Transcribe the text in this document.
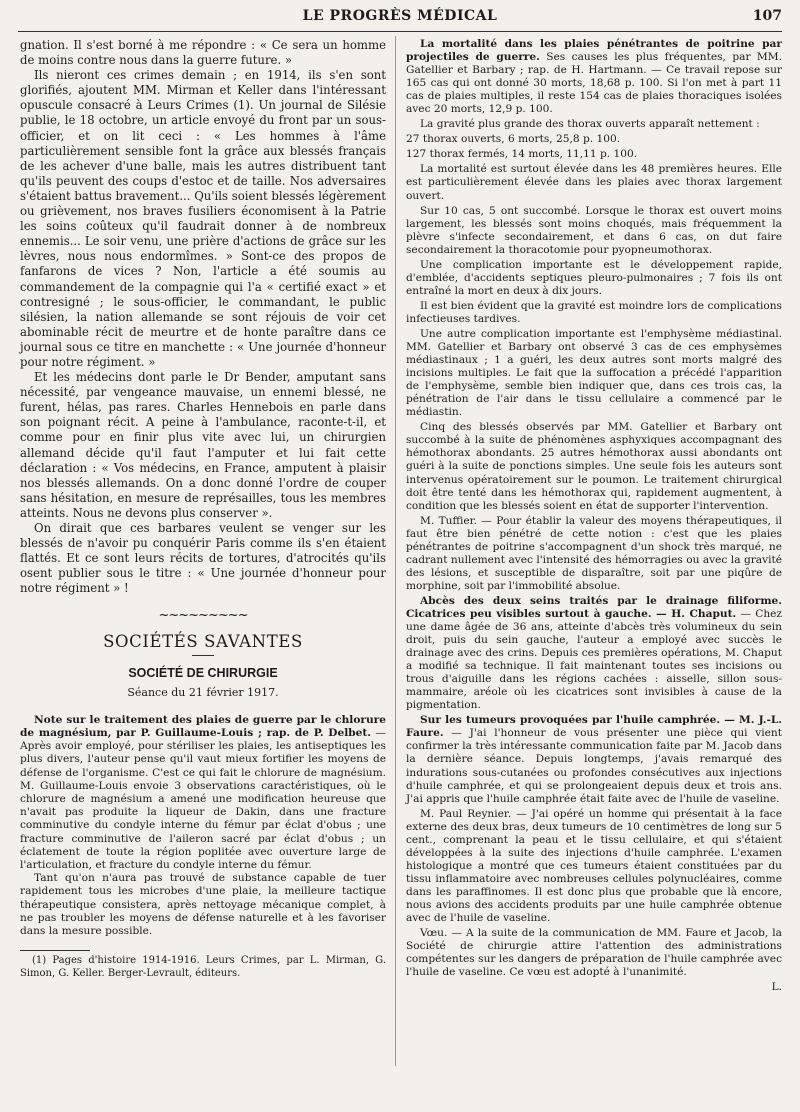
LE PROGRÈS MÉDICAL	107

gnation. Il s'est borné à me répondre : « Ce sera un homme de moins contre nous dans la guerre future. »

Ils nieront ces crimes demain ; en 1914, ils s'en sont glorifiés, ajoutent MM. Mirman et Keller dans l'intéressant opuscule consacré à Leurs Crimes (1). Un journal de Silésie publie, le 18 octobre, un article envoyé du front par un sous-officier, et on lit ceci : « Les hommes à l'âme particulièrement sensible font la grâce aux blessés français de les achever d'une balle, mais les autres distribuent tant qu'ils peuvent des coups d'estoc et de taille. Nos adversaires s'étaient battus bravement... Qu'ils soient blessés légèrement ou grièvement, nos braves fusiliers économisent à la Patrie les soins coûteux qu'il faudrait donner à de nombreux ennemis... Le soir venu, une prière d'actions de grâce sur les lèvres, nous nous endormîmes. » Sont-ce des propos de fanfarons de vices ? Non, l'article a été soumis au commandement de la compagnie qui l'a « certifié exact » et contresigné ; le sous-officier, le commandant, le public silésien, la nation allemande se sont réjouis de voir cet abominable récit de meurtre et de honte paraître dans ce journal sous ce titre en manchette : « Une journée d'honneur pour notre régiment. »

Et les médecins dont parle le Dr Bender, amputant sans nécessité, par vengeance mauvaise, un ennemi blessé, ne furent, hélas, pas rares. Charles Hennebois en parle dans son poignant récit. A peine à l'ambulance, raconte-t-il, et comme pour en finir plus vite avec lui, un chirurgien allemand décide qu'il faut l'amputer et lui fait cette déclaration : « Vos médecins, en France, amputent à plaisir nos blessés allemands. On a donc donné l'ordre de couper sans hésitation, en mesure de représailles, tous les membres atteints. Nous ne devons plus conserver ».

On dirait que ces barbares veulent se venger sur les blessés de n'avoir pu conquérir Paris comme ils s'en étaient flattés. Et ce sont leurs récits de tortures, d'atrocités qu'ils osent publier sous le titre : « Une journée d'honneur pour notre régiment » !

~~~~~~~~~
SOCIÉTÉS SAVANTES
SOCIÉTÉ DE CHIRURGIE
Séance du 21 février 1917.

Note sur le traitement des plaies de guerre par le chlorure de magnésium, par P. Guillaume-Louis ; rap. de P. Delbet. — Après avoir employé, pour stériliser les plaies, les antiseptiques les plus divers, l'auteur pense qu'il vaut mieux fortifier les moyens de défense de l'organisme. C'est ce qui fait le chlorure de magnésium. M. Guillaume-Louis envoie 3 observations caractéristiques, où le chlorure de magnésium a amené une modification heureuse que n'avait pas produite la liqueur de Dakin, dans une fracture comminutive du condyle interne du fémur par éclat d'obus ; une fracture comminutive de l'aileron sacré par éclat d'obus ; un éclatement de toute la région poplitée avec ouverture large de l'articulation, et fracture du condyle interne du fémur.

Tant qu'on n'aura pas trouvé de substance capable de tuer rapidement tous les microbes d'une plaie, la meilleure tactique thérapeutique consistera, après nettoyage mécanique complet, à ne pas troubler les moyens de défense naturelle et à les favoriser dans la mesure possible.

(1) Pages d'histoire 1914-1916. Leurs Crimes, par L. Mirman, G. Simon, G. Keller. Berger-Levrault, éditeurs.

La mortalité dans les plaies pénétrantes de poitrine par projectiles de guerre. Ses causes les plus fréquentes, par MM. Gatellier et Barbary ; rap. de H. Hartmann. — Ce travail repose sur 165 cas qui ont donné 30 morts, 18,68 p. 100. Si l'on met à part 11 cas de plaies multiples, il reste 154 cas de plaies thoraciques isolées avec 20 morts, 12,9 p. 100.

La gravité plus grande des thorax ouverts apparaît nettement :

27 thorax ouverts, 6 morts, 25,8 p. 100.

127 thorax fermés, 14 morts, 11,11 p. 100.

La mortalité est surtout élevée dans les 48 premières heures. Elle est particulièrement élevée dans les plaies avec thorax largement ouvert.

Sur 10 cas, 5 ont succombé. Lorsque le thorax est ouvert moins largement, les blessés sont moins choqués, mais fréquemment la plèvre s'infecte secondairement, et dans 6 cas, on dut faire secondairement la thoracotomie pour pyopneumothorax.

Une complication importante est le développement rapide, d'emblée, d'accidents septiques pleuro-pulmonaires ; 7 fois ils ont entraîné la mort en deux à dix jours.

Il est bien évident que la gravité est moindre lors de complications infectieuses tardives.

Une autre complication importante est l'emphysème médiastinal. MM. Gatellier et Barbary ont observé 3 cas de ces emphysèmes médiastinaux ; 1 a guéri, les deux autres sont morts malgré des incisions multiples. Le fait que la suffocation a précédé l'apparition de l'emphysème, semble bien indiquer que, dans ces trois cas, la pénétration de l'air dans le tissu cellulaire a commencé par le médiastin.

Cinq des blessés observés par MM. Gatellier et Barbary ont succombé à la suite de phénomènes asphyxiques accompagnant des hémothorax abondants. 25 autres hémothorax aussi abondants ont guéri à la suite de ponctions simples. Une seule fois les auteurs sont intervenus opératoirement sur le poumon. Le traitement chirurgical doit être tenté dans les hémothorax qui, rapidement augmentent, à condition que les blessés soient en état de supporter l'intervention.

M. Tuffier. — Pour établir la valeur des moyens thérapeutiques, il faut être bien pénétré de cette notion : c'est que les plaies pénétrantes de poitrine s'accompagnent d'un shock très marqué, ne cadrant nullement avec l'intensité des hémorragies ou avec la gravité des lésions, et susceptible de disparaître, soit par une piqûre de morphine, soit par l'immobilité absolue.

Abcès des deux seins traités par le drainage filiforme. Cicatrices peu visibles surtout à gauche. — H. Chaput. — Chez une dame âgée de 36 ans, atteinte d'abcès très volumineux du sein droit, puis du sein gauche, l'auteur a employé avec succès le drainage avec des crins. Depuis ces premières opérations, M. Chaput a modifié sa technique. Il fait maintenant toutes ses incisions ou trous d'aiguille dans les régions cachées : aisselle, sillon sous-mammaire, aréole où les cicatrices sont invisibles à cause de la pigmentation.

Sur les tumeurs provoquées par l'huile camphrée. — M. J.-L. Faure. — J'ai l'honneur de vous présenter une pièce qui vient confirmer la très intéressante communication faite par M. Jacob dans la dernière séance. Depuis longtemps, j'avais remarqué des indurations sous-cutanées ou profondes consécutives aux injections d'huile camphrée, et qui se prolongeaient depuis deux et trois ans. J'ai appris que l'huile camphrée était faite avec de l'huile de vaseline.

M. Paul Reynier. — J'ai opéré un homme qui présentait à la face externe des deux bras, deux tumeurs de 10 centimètres de long sur 5 cent., comprenant la peau et le tissu cellulaire, et qui s'étaient développées à la suite des injections d'huile camphrée. L'examen histologique a montré que ces tumeurs étaient constituées par du tissu inflammatoire avec nombreuses cellules polynucléaires, comme dans les paraffinomes. Il est donc plus que probable que là encore, nous avions des accidents produits par une huile camphrée obtenue avec de l'huile de vaseline.

Vœu. — A la suite de la communication de MM. Faure et Jacob, la Société de chirurgie attire l'attention des administrations compétentes sur les dangers de préparation de l'huile camphrée avec l'huile de vaseline. Ce vœu est adopté à l'unanimité.

L.
